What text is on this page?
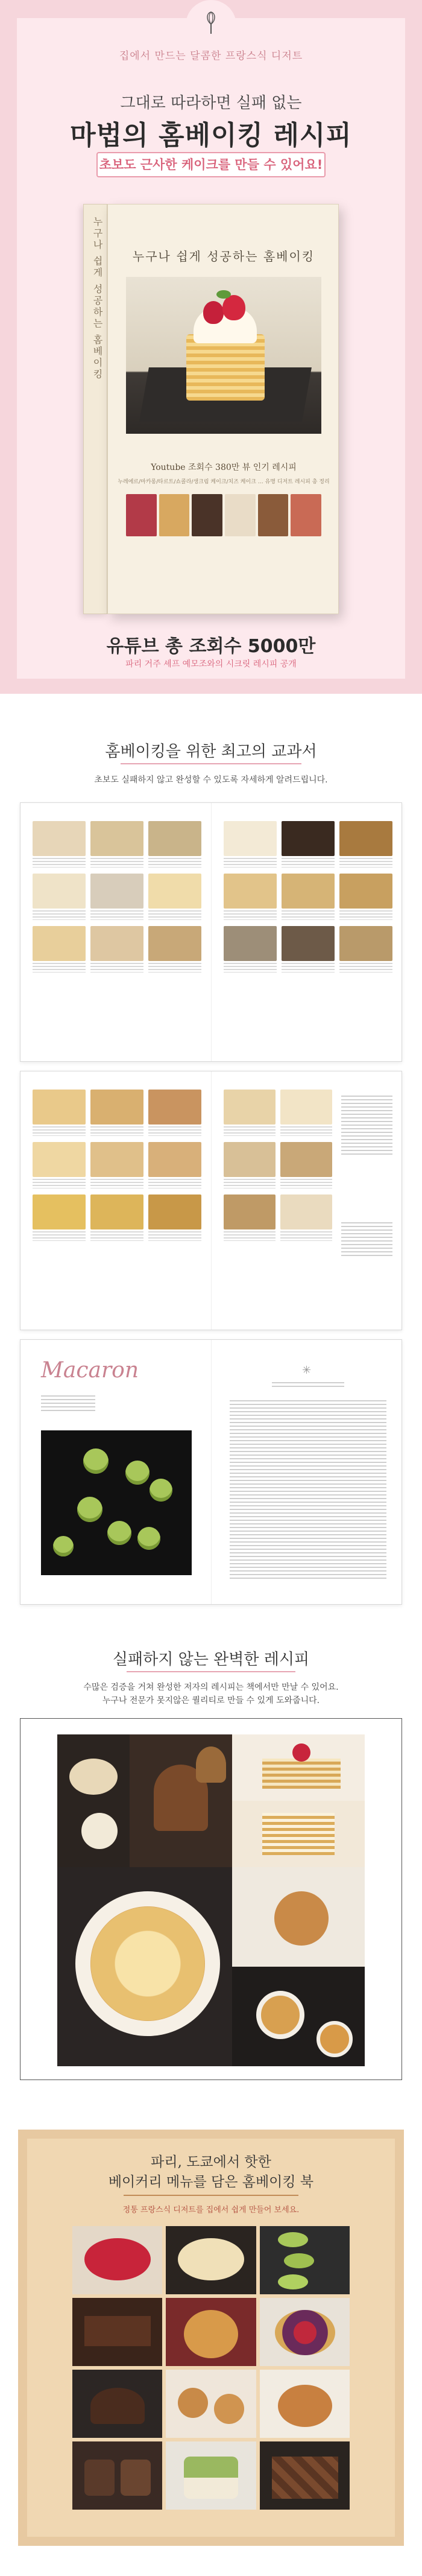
집에서 만드는 달콤한 프랑스식 디저트
그대로 따라하면 실패 없는
마법의 홈베이킹 레시피
초보도 근사한 케이크를 만들 수 있어요!
누구나 쉽게 성공하는 홈베이킹	누구나 쉽게 성공하는 홈베이킹
Youtube 조회수 380만 뷰 인기 레시피
누레에르/마카롱/타르트/쇼콜라/생크림 케이크/치즈 케이크 … 유명 디저트 레시피 총 정리
유튜브 총 조회수 5000만
파리 거주 셰프 예모조와의 시크릿 레시피 공개
홈베이킹을 위한 최고의 교과서
초보도 실패하지 않고 완성할 수 있도록 자세하게 알려드립니다.
Macaron	✳
실패하지 않는 완벽한 레시피
수많은 검증을 거쳐 완성한 저자의 레시피는 책에서만 만날 수 있어요.
누구나 전문가 못지않은 퀄리티로 만들 수 있게 도와줍니다.
파리, 도쿄에서 핫한
베이커리 메뉴를 담은 홈베이킹 북
정통 프랑스식 디저트를 집에서 쉽게 만들어 보세요.
